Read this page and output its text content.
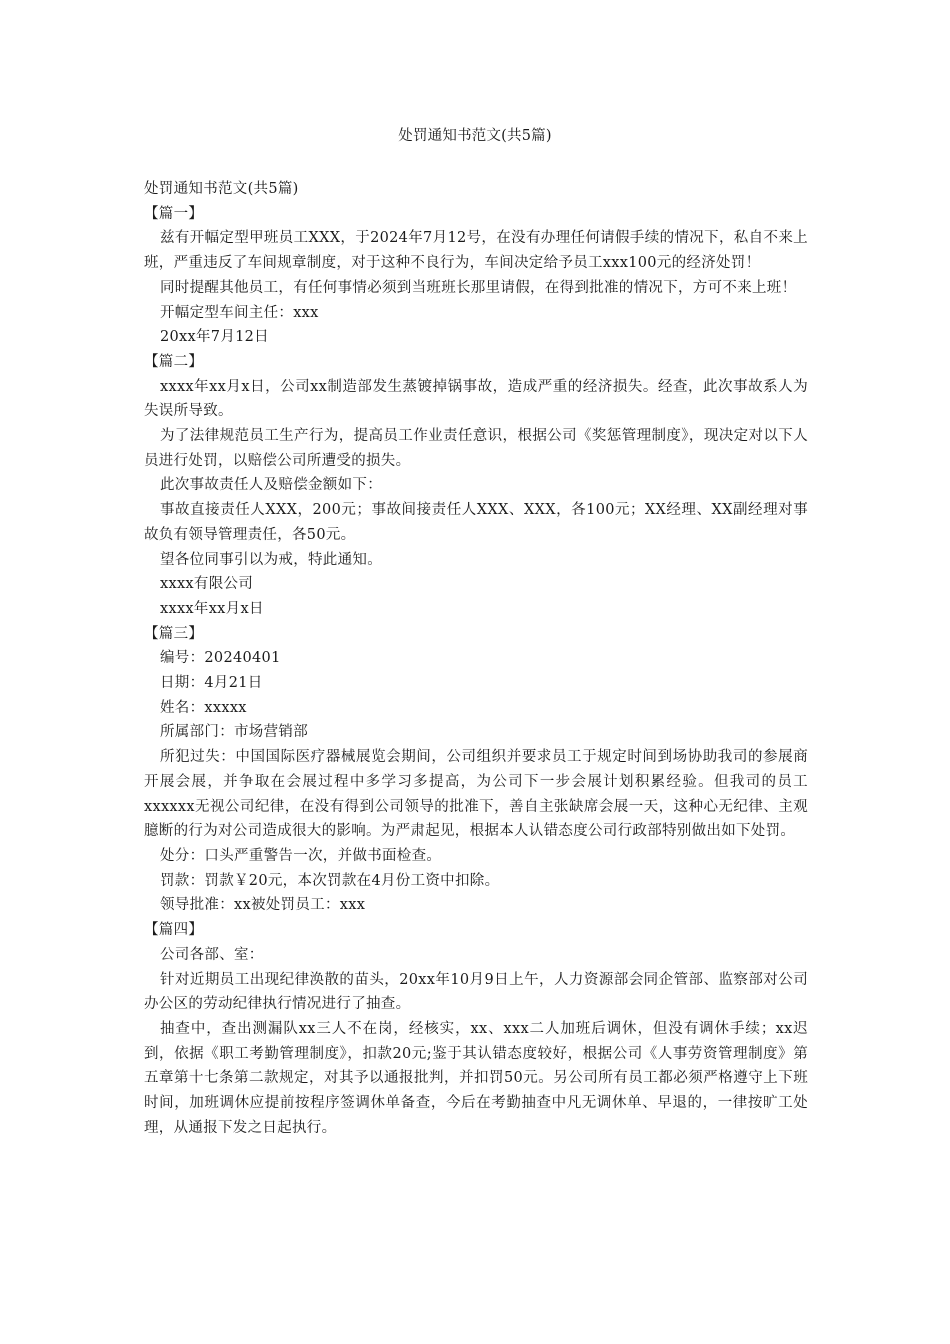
处罚通知书范文(共5篇)

处罚通知书范文(共5篇)

【篇一】

兹有开幅定型甲班员工XXX，于2024年7月12号，在没有办理任何请假手续的情况下，私自不来上班，严重违反了车间规章制度，对于这种不良行为，车间决定给予员工xxx100元的经济处罚！

同时提醒其他员工，有任何事情必须到当班班长那里请假，在得到批准的情况下，方可不来上班！

开幅定型车间主任：xxx

20xx年7月12日

【篇二】

xxxx年xx月x日，公司xx制造部发生蒸镀掉锅事故，造成严重的经济损失。经查，此次事故系人为失误所导致。

为了法律规范员工生产行为，提高员工作业责任意识，根据公司《奖惩管理制度》，现决定对以下人员进行处罚，以赔偿公司所遭受的损失。

此次事故责任人及赔偿金额如下：

事故直接责任人XXX，200元；事故间接责任人XXX、XXX，各100元；XX经理、XX副经理对事故负有领导管理责任，各50元。

望各位同事引以为戒，特此通知。

xxxx有限公司

xxxx年xx月x日

【篇三】

编号：20240401

日期：4月21日

姓名：xxxxx

所属部门：市场营销部

所犯过失：中国国际医疗器械展览会期间，公司组织并要求员工于规定时间到场协助我司的参展商开展会展，并争取在会展过程中多学习多提高，为公司下一步会展计划积累经验。但我司的员工xxxxxx无视公司纪律，在没有得到公司领导的批准下，善自主张缺席会展一天，这种心无纪律、主观臆断的行为对公司造成很大的影响。为严肃起见，根据本人认错态度公司行政部特别做出如下处罚。

处分：口头严重警告一次，并做书面检查。

罚款：罚款￥20元，本次罚款在4月份工资中扣除。

领导批准：xx被处罚员工：xxx

【篇四】

公司各部、室：

针对近期员工出现纪律涣散的苗头，20xx年10月9日上午，人力资源部会同企管部、监察部对公司办公区的劳动纪律执行情况进行了抽查。

抽查中，查出测漏队xx三人不在岗，经核实，xx、xxx二人加班后调休，但没有调休手续；xx迟到，依据《职工考勤管理制度》，扣款20元;鉴于其认错态度较好，根据公司《人事劳资管理制度》第五章第十七条第二款规定，对其予以通报批判，并扣罚50元。另公司所有员工都必须严格遵守上下班时间，加班调休应提前按程序签调休单备查，今后在考勤抽查中凡无调休单、早退的，一律按旷工处理，从通报下发之日起执行。
